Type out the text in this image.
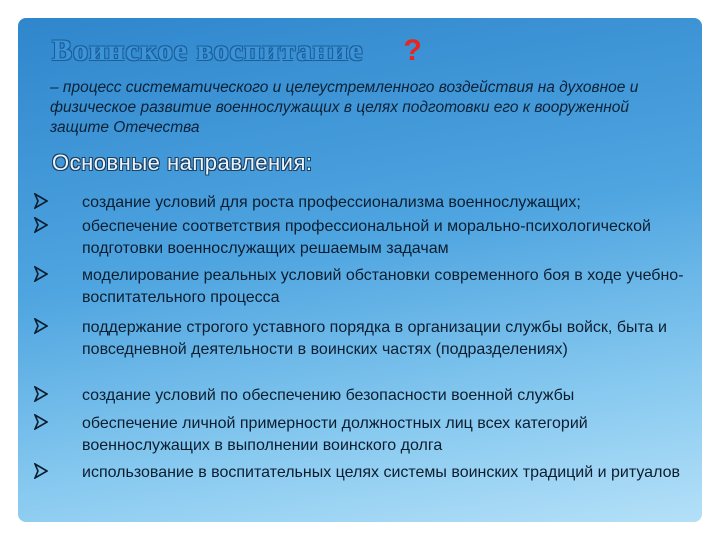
Воинское воспитание ?

– процесс систематического и целеустремленного воздействия на духовное и физическое развитие военнослужащих в целях подготовки его к вооруженной защите Отечества

Основные направления:
создание условий для роста профессионализма военнослужащих;
обеспечение соответствия профессиональной и морально-психологической подготовки военнослужащих решаемым задачам
моделирование реальных условий обстановки современного боя в ходе учебно-воспитательного процесса
поддержание строгого уставного порядка в организации службы войск, быта и повседневной деятельности в воинских частях (подразделениях)
создание условий по обеспечению безопасности военной службы
обеспечение личной примерности должностных лиц всех категорий военнослужащих в выполнении воинского долга
использование в воспитательных целях системы воинских традиций и ритуалов
